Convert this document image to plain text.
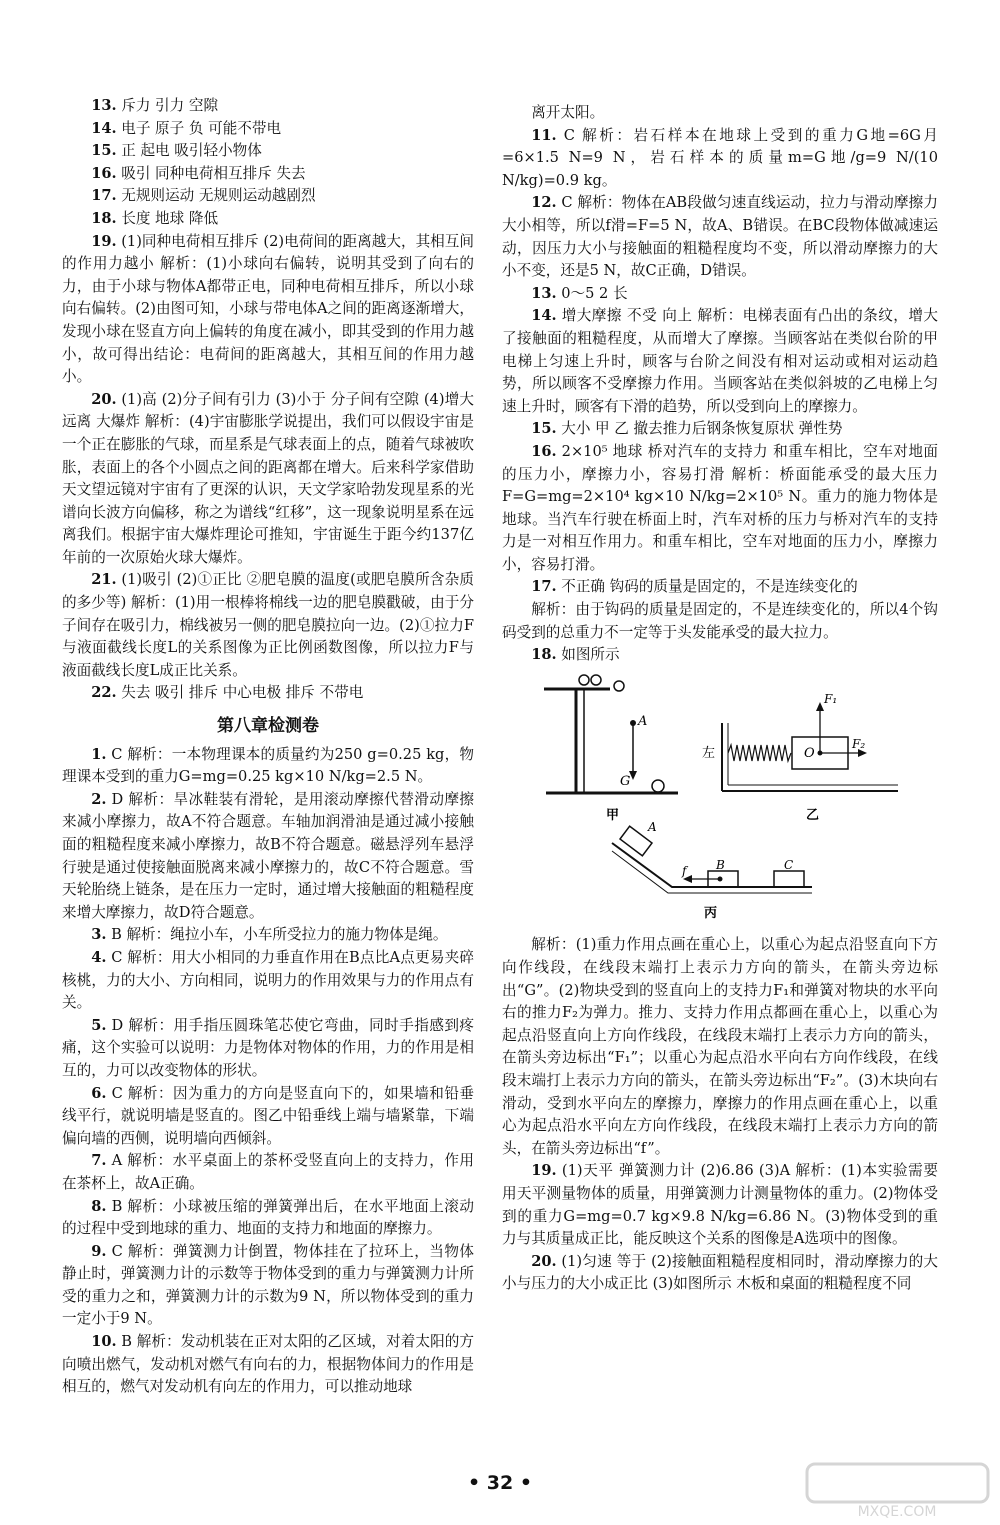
13. 斥力 引力 空隙

14. 电子 原子 负 可能不带电

15. 正 起电 吸引轻小物体

16. 吸引 同种电荷相互排斥 失去

17. 无规则运动 无规则运动越剧烈

18. 长度 地球 降低

19. (1)同种电荷相互排斥 (2)电荷间的距离越大，其相互间的作用力越小 解析：(1)小球向右偏转，说明其受到了向右的力，由于小球与物体A都带正电，同种电荷相互排斥，所以小球向右偏转。(2)由图可知，小球与带电体A之间的距离逐渐增大，发现小球在竖直方向上偏转的角度在减小，即其受到的作用力越小，故可得出结论：电荷间的距离越大，其相互间的作用力越小。

20. (1)高 (2)分子间有引力 (3)小于 分子间有空隙 (4)增大 远离 大爆炸 解析：(4)宇宙膨胀学说提出，我们可以假设宇宙是一个正在膨胀的气球，而星系是气球表面上的点，随着气球被吹胀，表面上的各个小圆点之间的距离都在增大。后来科学家借助天文望远镜对宇宙有了更深的认识，天文学家哈勃发现星系的光谱向长波方向偏移，称之为谱线“红移”，这一现象说明星系在远离我们。根据宇宙大爆炸理论可推知，宇宙诞生于距今约137亿年前的一次原始火球大爆炸。

21. (1)吸引 (2)①正比 ②肥皂膜的温度(或肥皂膜所含杂质的多少等) 解析：(1)用一根棒将棉线一边的肥皂膜戳破，由于分子间存在吸引力，棉线被另一侧的肥皂膜拉向一边。(2)①拉力F与液面截线长度L的关系图像为正比例函数图像，所以拉力F与液面截线长度L成正比关系。

22. 失去 吸引 排斥 中心电极 排斥 不带电

第八章检测卷

1. C 解析：一本物理课本的质量约为250 g=0.25 kg，物理课本受到的重力G=mg=0.25 kg×10 N/kg=2.5 N。

2. D 解析：旱冰鞋装有滑轮，是用滚动摩擦代替滑动摩擦来减小摩擦力，故A不符合题意。车轴加润滑油是通过减小接触面的粗糙程度来减小摩擦力，故B不符合题意。磁悬浮列车悬浮行驶是通过使接触面脱离来减小摩擦力的，故C不符合题意。雪天轮胎绕上链条，是在压力一定时，通过增大接触面的粗糙程度来增大摩擦力，故D符合题意。

3. B 解析：绳拉小车，小车所受拉力的施力物体是绳。

4. C 解析：用大小相同的力垂直作用在B点比A点更易夹碎核桃，力的大小、方向相同，说明力的作用效果与力的作用点有关。

5. D 解析：用手指压圆珠笔芯使它弯曲，同时手指感到疼痛，这个实验可以说明：力是物体对物体的作用，力的作用是相互的，力可以改变物体的形状。

6. C 解析：因为重力的方向是竖直向下的，如果墙和铅垂线平行，就说明墙是竖直的。图乙中铅垂线上端与墙紧靠，下端偏向墙的西侧，说明墙向西倾斜。

7. A 解析：水平桌面上的茶杯受竖直向上的支持力，作用在茶杯上，故A正确。

8. B 解析：小球被压缩的弹簧弹出后，在水平地面上滚动的过程中受到地球的重力、地面的支持力和地面的摩擦力。

9. C 解析：弹簧测力计倒置，物体挂在了拉环上，当物体静止时，弹簧测力计的示数等于物体受到的重力与弹簧测力计所受的重力之和，弹簧测力计的示数为9 N，所以物体受到的重力一定小于9 N。

10. B 解析：发动机装在正对太阳的乙区域，对着太阳的方向喷出燃气，发动机对燃气有向右的力，根据物体间力的作用是相互的，燃气对发动机有向左的作用力，可以推动地球

离开太阳。

11. C 解析：岩石样本在地球上受到的重力G地=6G月=6×1.5 N=9 N，岩石样本的质量m=G地/g=9 N/(10 N/kg)=0.9 kg。

12. C 解析：物体在AB段做匀速直线运动，拉力与滑动摩擦力大小相等，所以f滑=F=5 N，故A、B错误。在BC段物体做减速运动，因压力大小与接触面的粗糙程度均不变，所以滑动摩擦力的大小不变，还是5 N，故C正确，D错误。

13. 0～5 2 长

14. 增大摩擦 不受 向上 解析：电梯表面有凸出的条纹，增大了接触面的粗糙程度，从而增大了摩擦。当顾客站在类似台阶的甲电梯上匀速上升时，顾客与台阶之间没有相对运动或相对运动趋势，所以顾客不受摩擦力作用。当顾客站在类似斜坡的乙电梯上匀速上升时，顾客有下滑的趋势，所以受到向上的摩擦力。

15. 大小 甲 乙 撤去推力后钢条恢复原状 弹性势

16. 2×10⁵ 地球 桥对汽车的支持力 和重车相比，空车对地面的压力小，摩擦力小，容易打滑 解析：桥面能承受的最大压力F=G=mg=2×10⁴ kg×10 N/kg=2×10⁵ N。重力的施力物体是地球。当汽车行驶在桥面上时，汽车对桥的压力与桥对汽车的支持力是一对相互作用力。和重车相比，空车对地面的压力小，摩擦力小，容易打滑。

17. 不正确 钩码的质量是固定的，不是连续变化的

解析：由于钩码的质量是固定的，不是连续变化的，所以4个钩码受到的总重力不一定等于头发能承受的最大拉力。

18. 如图所示

A
G
甲
左	O
F₁
F₂
乙
A
B	C
f
丙

解析：(1)重力作用点画在重心上，以重心为起点沿竖直向下方向作线段，在线段末端打上表示力方向的箭头，在箭头旁边标出“G”。(2)物块受到的竖直向上的支持力F₁和弹簧对物块的水平向右的推力F₂为弹力。推力、支持力作用点都画在重心上，以重心为起点沿竖直向上方向作线段，在线段末端打上表示力方向的箭头，在箭头旁边标出“F₁”；以重心为起点沿水平向右方向作线段，在线段末端打上表示力方向的箭头，在箭头旁边标出“F₂”。(3)木块向右滑动，受到水平向左的摩擦力，摩擦力的作用点画在重心上，以重心为起点沿水平向左方向作线段，在线段末端打上表示力方向的箭头，在箭头旁边标出“f”。

19. (1)天平 弹簧测力计 (2)6.86 (3)A 解析：(1)本实验需要用天平测量物体的质量，用弹簧测力计测量物体的重力。(2)物体受到的重力G=mg=0.7 kg×9.8 N/kg=6.86 N。(3)物体受到的重力与其质量成正比，能反映这个关系的图像是A选项中的图像。

20. (1)匀速 等于 (2)接触面粗糙程度相同时，滑动摩擦力的大小与压力的大小成正比 (3)如图所示 木板和桌面的粗糙程度不同

• 32 •
MXQE.COM
